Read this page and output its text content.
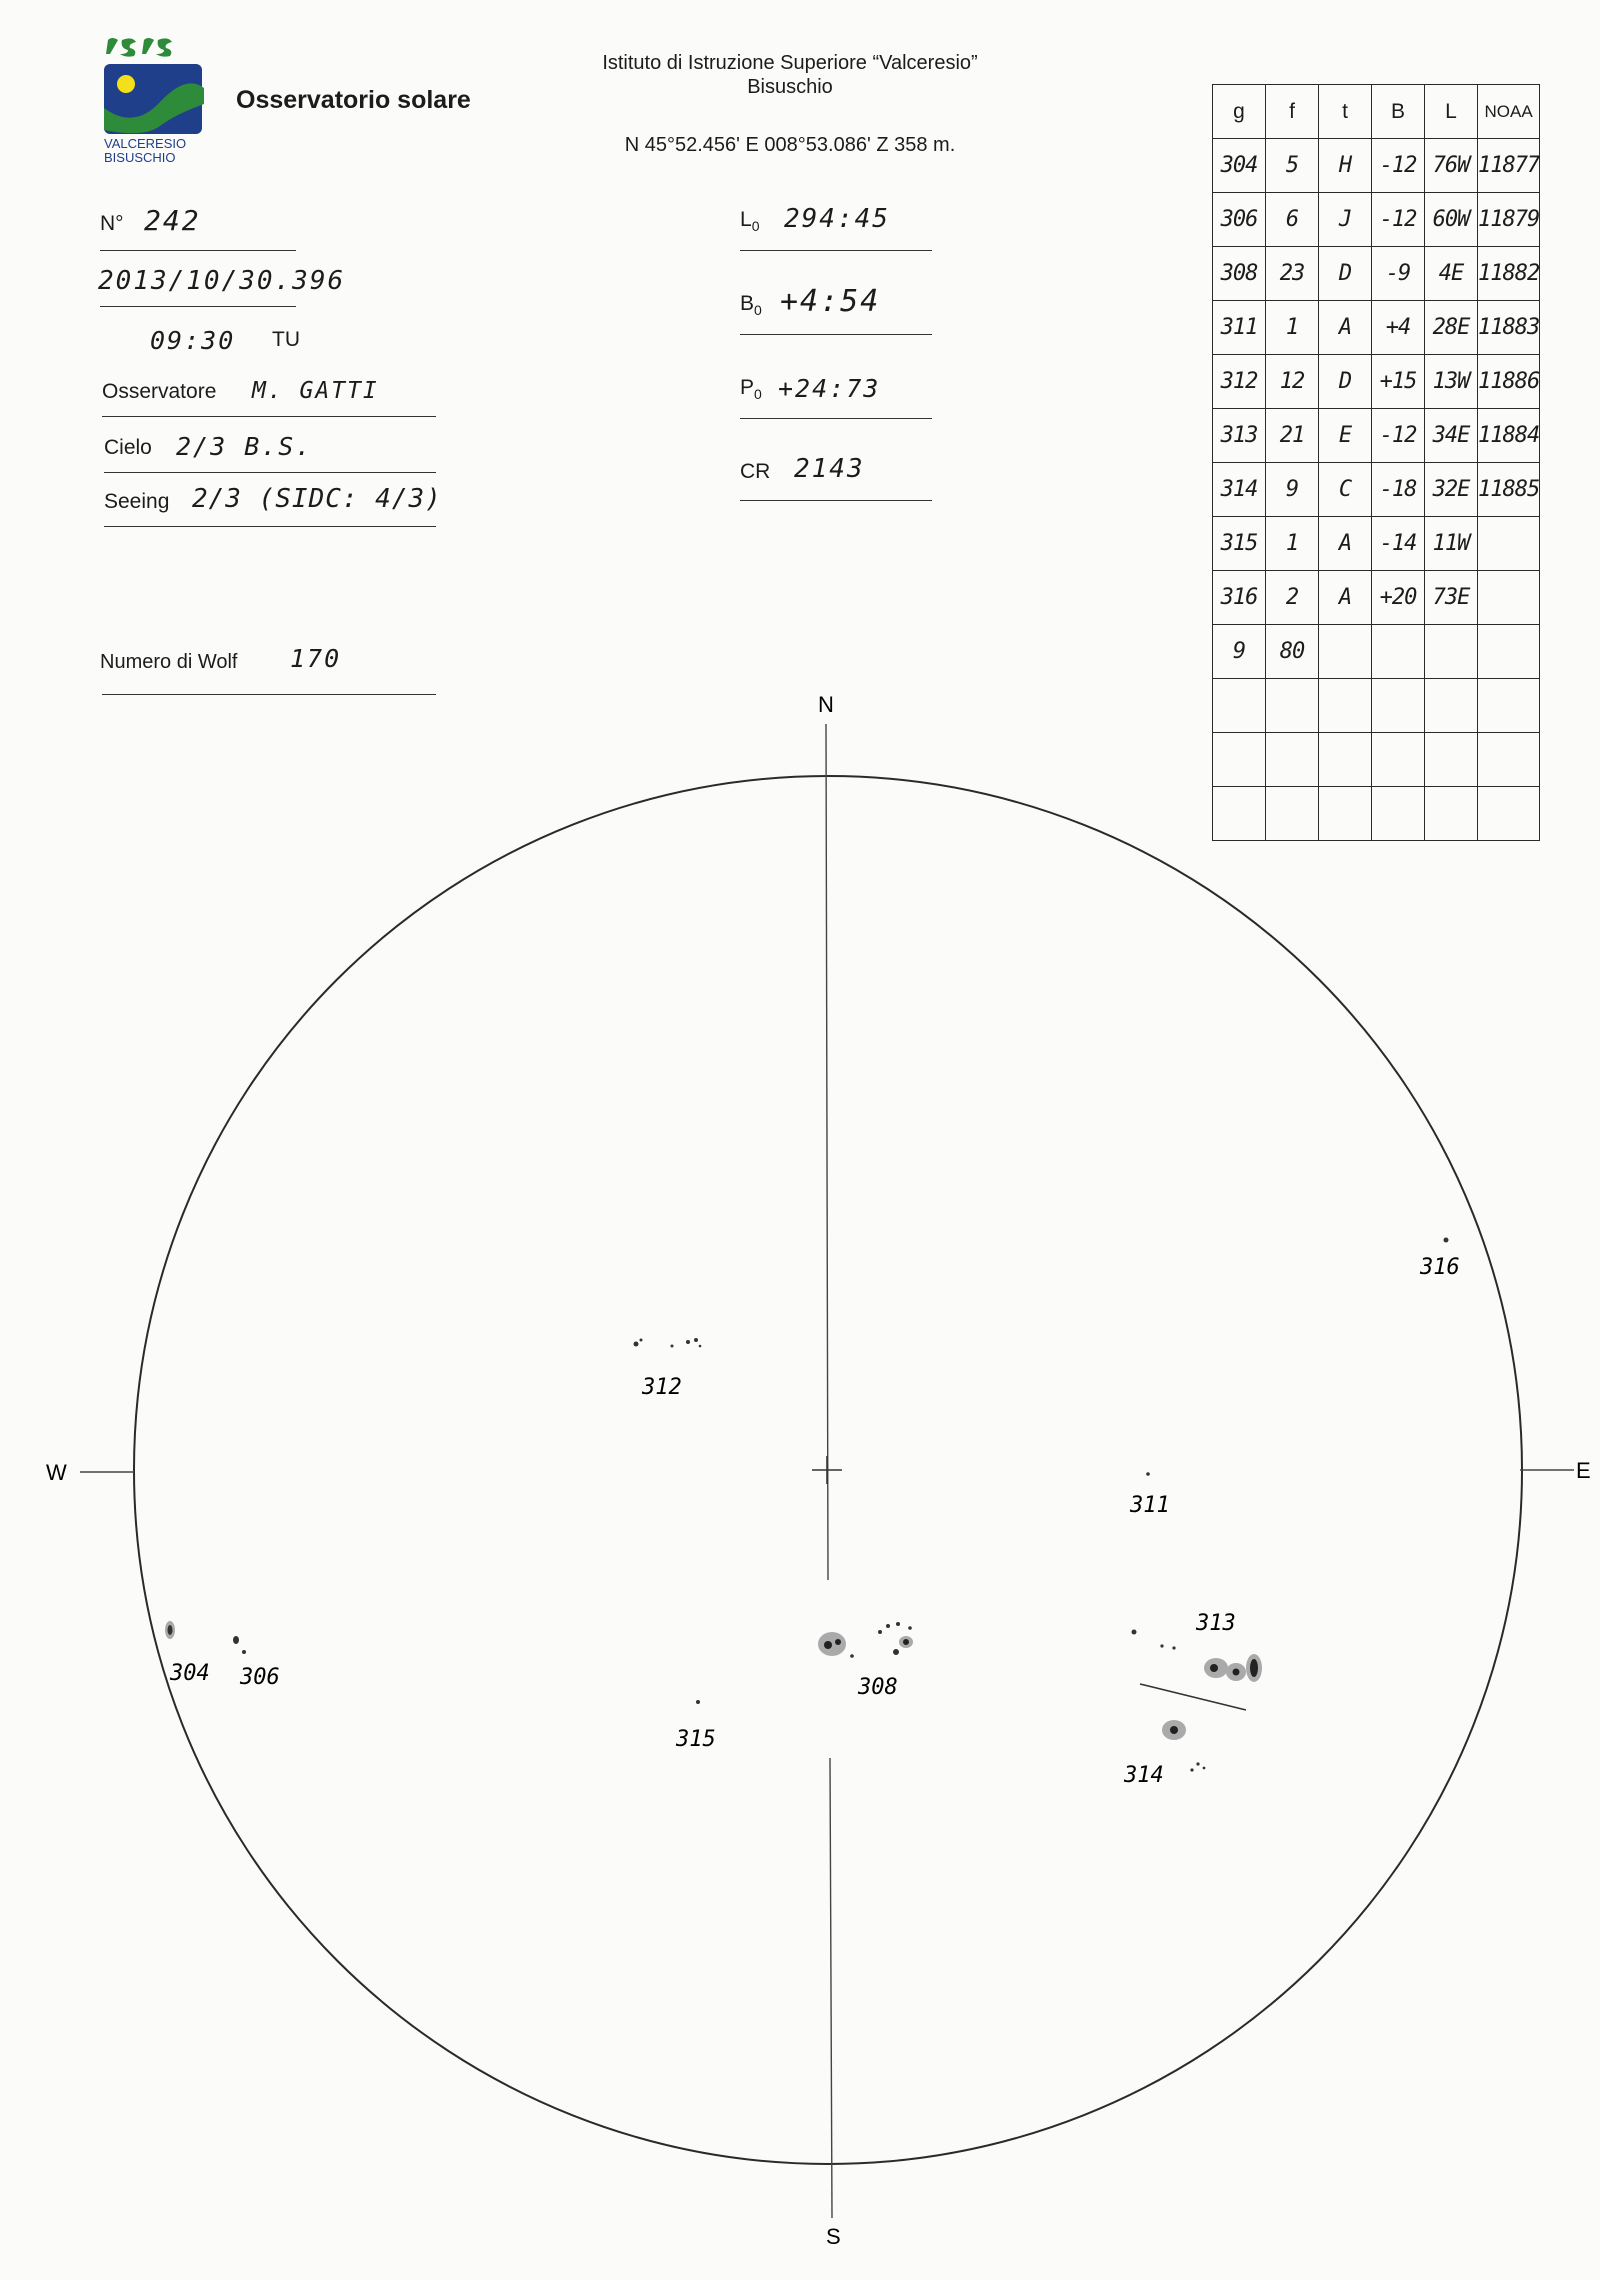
VALCERESIO
BISUSCHIO
Osservatorio solare
Istituto di Istruzione Superiore “Valceresio”
Bisuschio
N 45°52.456' E 008°53.086' Z 358 m.
N° 242
2013/10/30.396
09:30 TU
Osservatore M. GATTI
Cielo 2/3 B.S.
Seeing 2/3 (SIDC: 4/3)
Numero di Wolf 170
$L_0$ 294:45
$B_0$ +4:54
$P_0$ +24:73
CR 2143
g	f	t	B	L	NOAA
304	5	H	-12	76W	11877
306	6	J	-12	60W	11879
308	23	D	-9	4E	11882
311	1	A	+4	28E	11883
312	12	D	+15	13W	11886
313	21	E	-12	34E	11884
314	9	C	-18	32E	11885
315	1	A	-14	11W	
316	2	A	+20	73E	
9	80				

N
S
E
W
312
316
311
304 306	308
313
314
315
